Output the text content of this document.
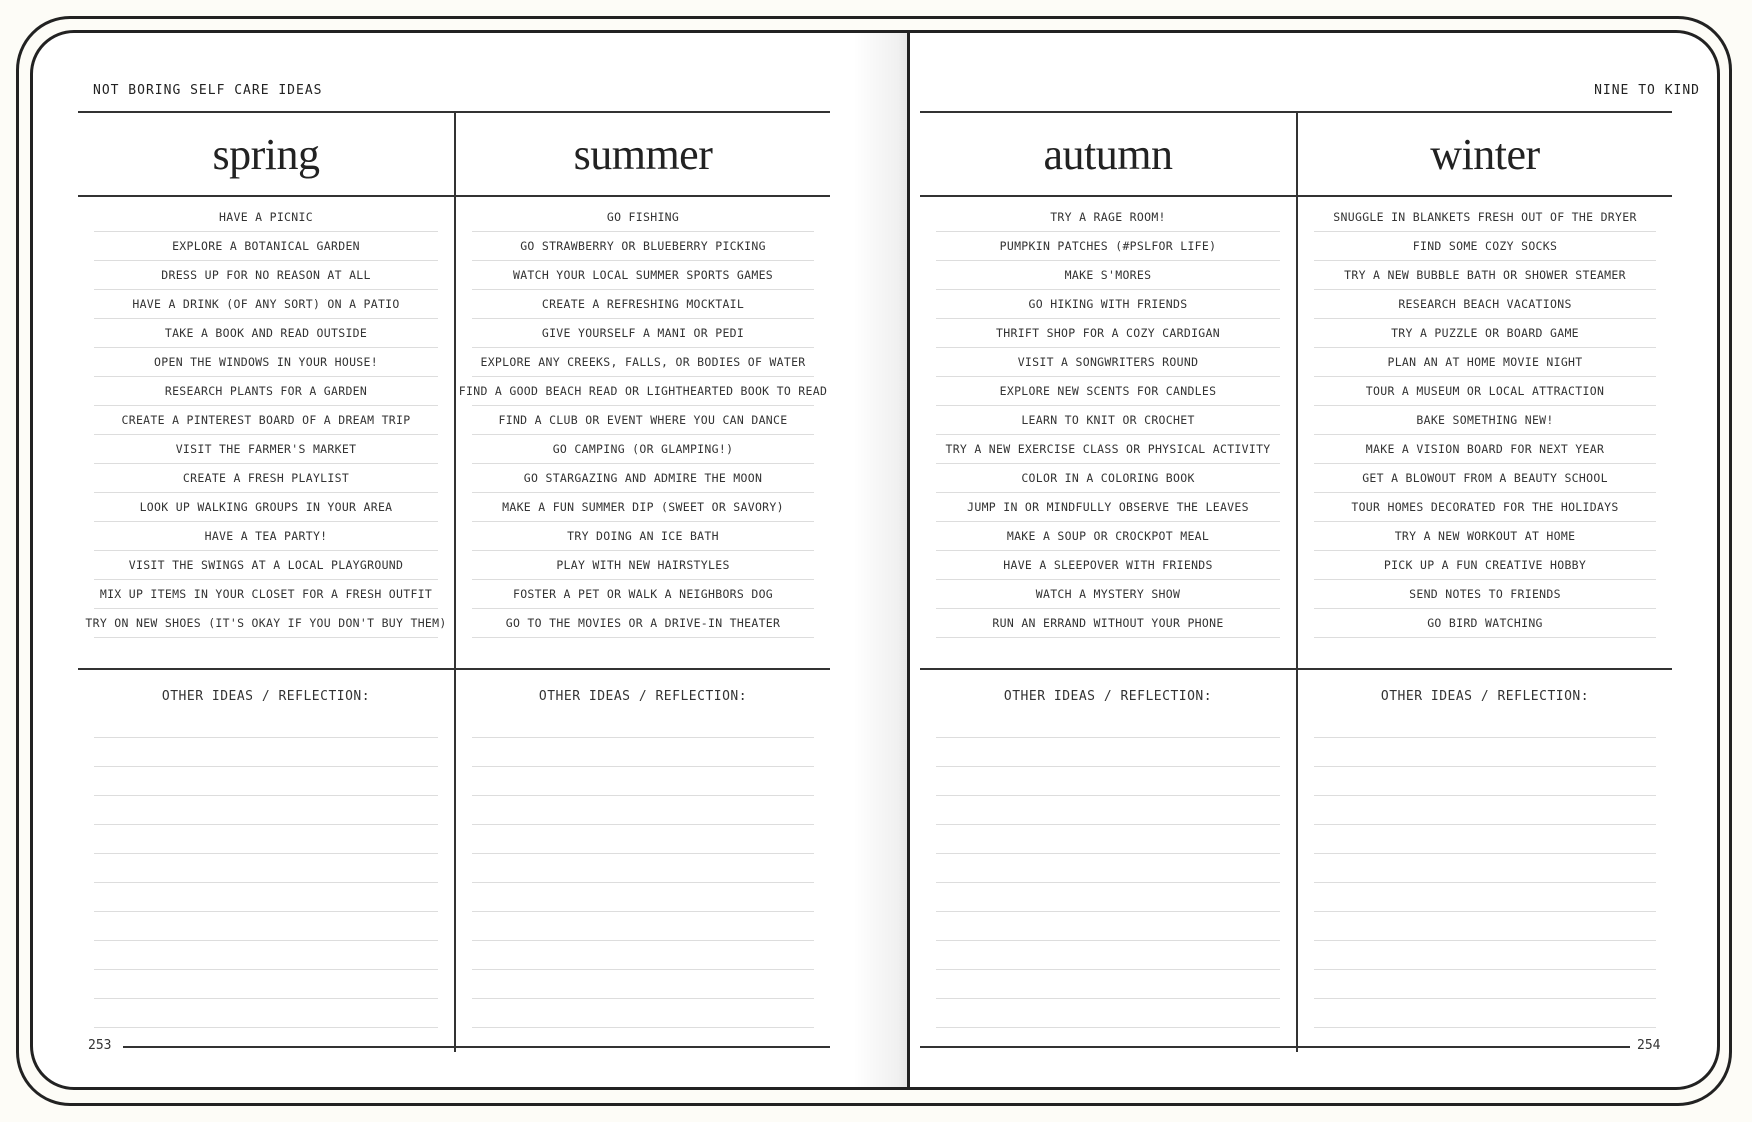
NOT BORING SELF CARE IDEAS
spring
HAVE A PICNIC
EXPLORE A BOTANICAL GARDEN
DRESS UP FOR NO REASON AT ALL
HAVE A DRINK (OF ANY SORT) ON A PATIO
TAKE A BOOK AND READ OUTSIDE
OPEN THE WINDOWS IN YOUR HOUSE!
RESEARCH PLANTS FOR A GARDEN
CREATE A PINTEREST BOARD OF A DREAM TRIP
VISIT THE FARMER'S MARKET
CREATE A FRESH PLAYLIST
LOOK UP WALKING GROUPS IN YOUR AREA
HAVE A TEA PARTY!
VISIT THE SWINGS AT A LOCAL PLAYGROUND
MIX UP ITEMS IN YOUR CLOSET FOR A FRESH OUTFIT
TRY ON NEW SHOES (IT'S OKAY IF YOU DON'T BUY THEM)
OTHER IDEAS / REFLECTION:
summer
GO FISHING
GO STRAWBERRY OR BLUEBERRY PICKING
WATCH YOUR LOCAL SUMMER SPORTS GAMES
CREATE A REFRESHING MOCKTAIL
GIVE YOURSELF A MANI OR PEDI
EXPLORE ANY CREEKS, FALLS, OR BODIES OF WATER
FIND A GOOD BEACH READ OR LIGHTHEARTED BOOK TO READ
FIND A CLUB OR EVENT WHERE YOU CAN DANCE
GO CAMPING (OR GLAMPING!)
GO STARGAZING AND ADMIRE THE MOON
MAKE A FUN SUMMER DIP (SWEET OR SAVORY)
TRY DOING AN ICE BATH
PLAY WITH NEW HAIRSTYLES
FOSTER A PET OR WALK A NEIGHBORS DOG
GO TO THE MOVIES OR A DRIVE-IN THEATER
OTHER IDEAS / REFLECTION:
253
NINE TO KIND
autumn
TRY A RAGE ROOM!
PUMPKIN PATCHES (#PSLFOR LIFE)
MAKE S'MORES
GO HIKING WITH FRIENDS
THRIFT SHOP FOR A COZY CARDIGAN
VISIT A SONGWRITERS ROUND
EXPLORE NEW SCENTS FOR CANDLES
LEARN TO KNIT OR CROCHET
TRY A NEW EXERCISE CLASS OR PHYSICAL ACTIVITY
COLOR IN A COLORING BOOK
JUMP IN OR MINDFULLY OBSERVE THE LEAVES
MAKE A SOUP OR CROCKPOT MEAL
HAVE A SLEEPOVER WITH FRIENDS
WATCH A MYSTERY SHOW
RUN AN ERRAND WITHOUT YOUR PHONE
OTHER IDEAS / REFLECTION:
winter
SNUGGLE IN BLANKETS FRESH OUT OF THE DRYER
FIND SOME COZY SOCKS
TRY A NEW BUBBLE BATH OR SHOWER STEAMER
RESEARCH BEACH VACATIONS
TRY A PUZZLE OR BOARD GAME
PLAN AN AT HOME MOVIE NIGHT
TOUR A MUSEUM OR LOCAL ATTRACTION
BAKE SOMETHING NEW!
MAKE A VISION BOARD FOR NEXT YEAR
GET A BLOWOUT FROM A BEAUTY SCHOOL
TOUR HOMES DECORATED FOR THE HOLIDAYS
TRY A NEW WORKOUT AT HOME
PICK UP A FUN CREATIVE HOBBY
SEND NOTES TO FRIENDS
GO BIRD WATCHING
OTHER IDEAS / REFLECTION:
254
